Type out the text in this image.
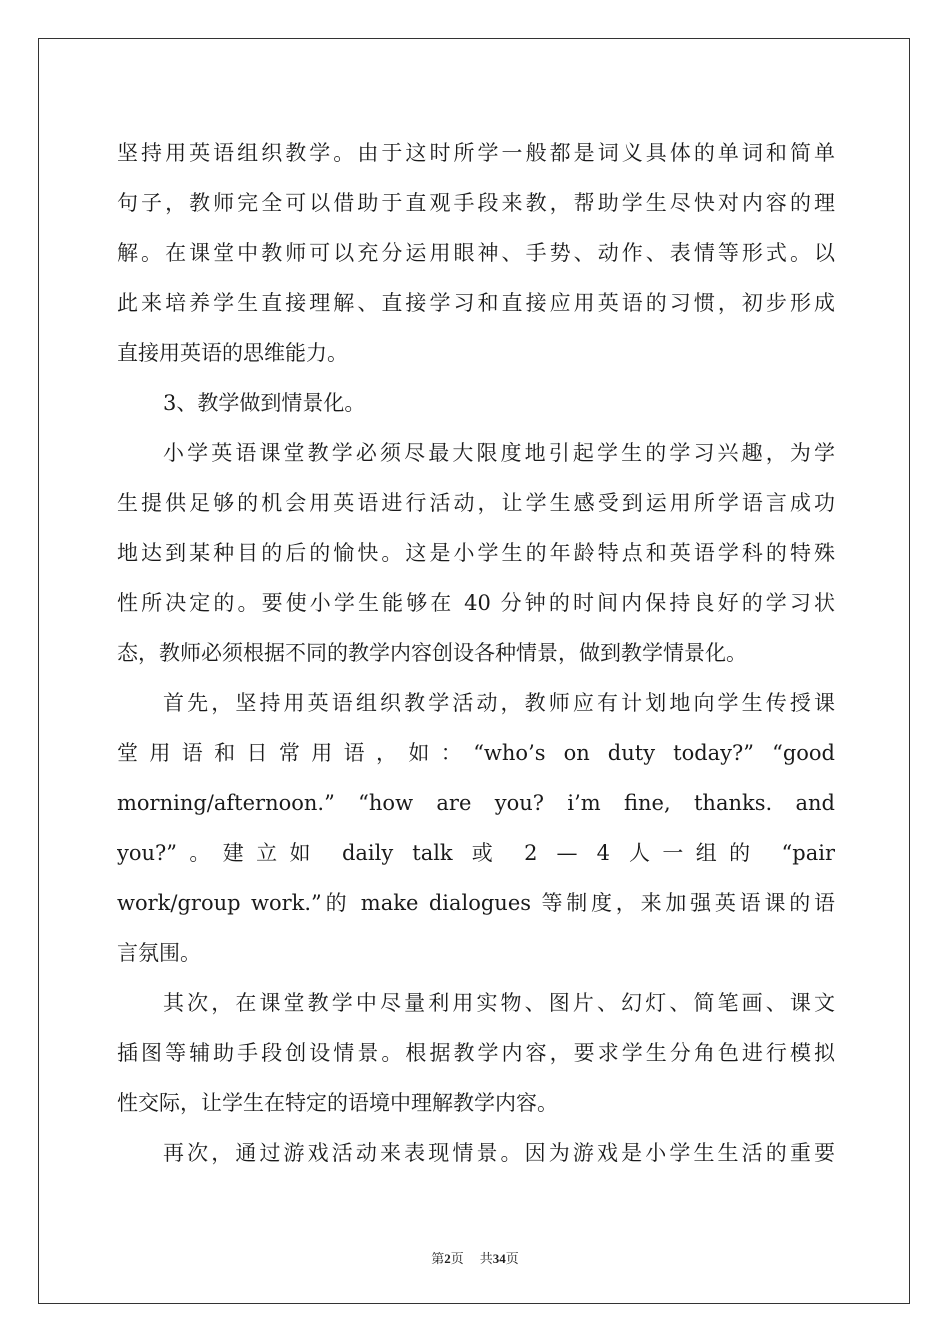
坚持用英语组织教学。由于这时所学一般都是词义具体的单词和简单
句子，教师完全可以借助于直观手段来教，帮助学生尽快对内容的理
解。在课堂中教师可以充分运用眼神、手势、动作、表情等形式。以
此来培养学生直接理解、直接学习和直接应用英语的习惯，初步形成
直接用英语的思维能力。
3、教学做到情景化。
小学英语课堂教学必须尽最大限度地引起学生的学习兴趣，为学
生提供足够的机会用英语进行活动，让学生感受到运用所学语言成功
地达到某种目的后的愉快。这是小学生的年龄特点和英语学科的特殊
性所决定的。要使小学生能够在 40 分钟的时间内保持良好的学习状
态，教师必须根据不同的教学内容创设各种情景，做到教学情景化。
首先，坚持用英语组织教学活动，教师应有计划地向学生传授课
堂用语和日常用语，如：“who’s on duty today?” “good
morning/afternoon.” “how are you? i’m fine, thanks. and
you?”。建立如 daily talk 或 2 — 4 人一组的 “pair
work/group work.”的 make dialogues 等制度，来加强英语课的语
言氛围。
其次，在课堂教学中尽量利用实物、图片、幻灯、简笔画、课文
插图等辅助手段创设情景。根据教学内容，要求学生分角色进行模拟
性交际，让学生在特定的语境中理解教学内容。
再次，通过游戏活动来表现情景。因为游戏是小学生生活的重要
第2页 共34页
